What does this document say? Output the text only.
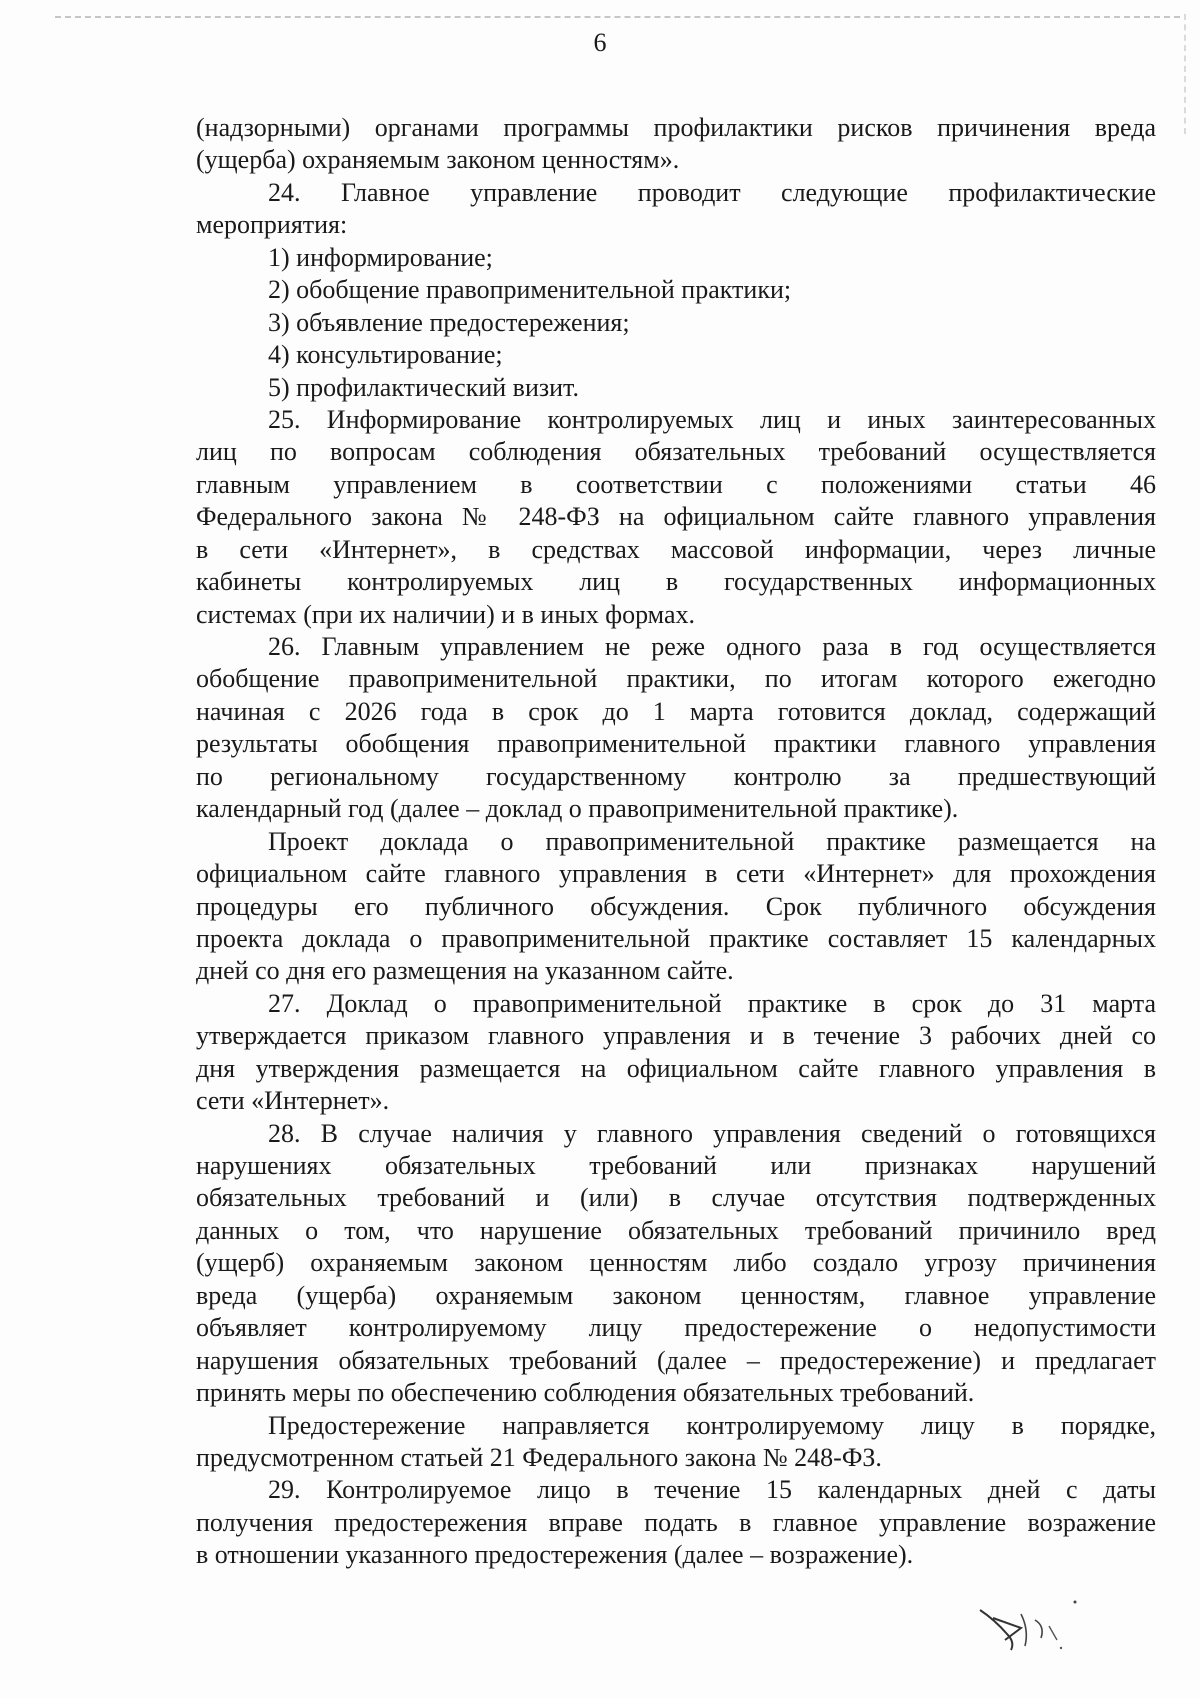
6
(надзорными) органами программы профилактики рисков причинения вреда
(ущерба) охраняемым законом ценностям».
24. Главное управление проводит следующие профилактические
мероприятия:
1) информирование;
2) обобщение правоприменительной практики;
3) объявление предостережения;
4) консультирование;
5) профилактический визит.
25. Информирование контролируемых лиц и иных заинтересованных
лиц по вопросам соблюдения обязательных требований осуществляется
главным управлением в соответствии с положениями статьи 46
Федерального закона № 248-ФЗ на официальном сайте главного управления
в сети «Интернет», в средствах массовой информации, через личные
кабинеты контролируемых лиц в государственных информационных
системах (при их наличии) и в иных формах.
26. Главным управлением не реже одного раза в год осуществляется
обобщение правоприменительной практики, по итогам которого ежегодно
начиная с 2026 года в срок до 1 марта готовится доклад, содержащий
результаты обобщения правоприменительной практики главного управления
по региональному государственному контролю за предшествующий
календарный год (далее – доклад о правоприменительной практике).
Проект доклада о правоприменительной практике размещается на
официальном сайте главного управления в сети «Интернет» для прохождения
процедуры его публичного обсуждения. Срок публичного обсуждения
проекта доклада о правоприменительной практике составляет 15 календарных
дней со дня его размещения на указанном сайте.
27. Доклад о правоприменительной практике в срок до 31 марта
утверждается приказом главного управления и в течение 3 рабочих дней со
дня утверждения размещается на официальном сайте главного управления в
сети «Интернет».
28. В случае наличия у главного управления сведений о готовящихся
нарушениях обязательных требований или признаках нарушений
обязательных требований и (или) в случае отсутствия подтвержденных
данных о том, что нарушение обязательных требований причинило вред
(ущерб) охраняемым законом ценностям либо создало угрозу причинения
вреда (ущерба) охраняемым законом ценностям, главное управление
объявляет контролируемому лицу предостережение о недопустимости
нарушения обязательных требований (далее – предостережение) и предлагает
принять меры по обеспечению соблюдения обязательных требований.
Предостережение направляется контролируемому лицу в порядке,
предусмотренном статьей 21 Федерального закона № 248-ФЗ.
29. Контролируемое лицо в течение 15 календарных дней с даты
получения предостережения вправе подать в главное управление возражение
в отношении указанного предостережения (далее – возражение).
